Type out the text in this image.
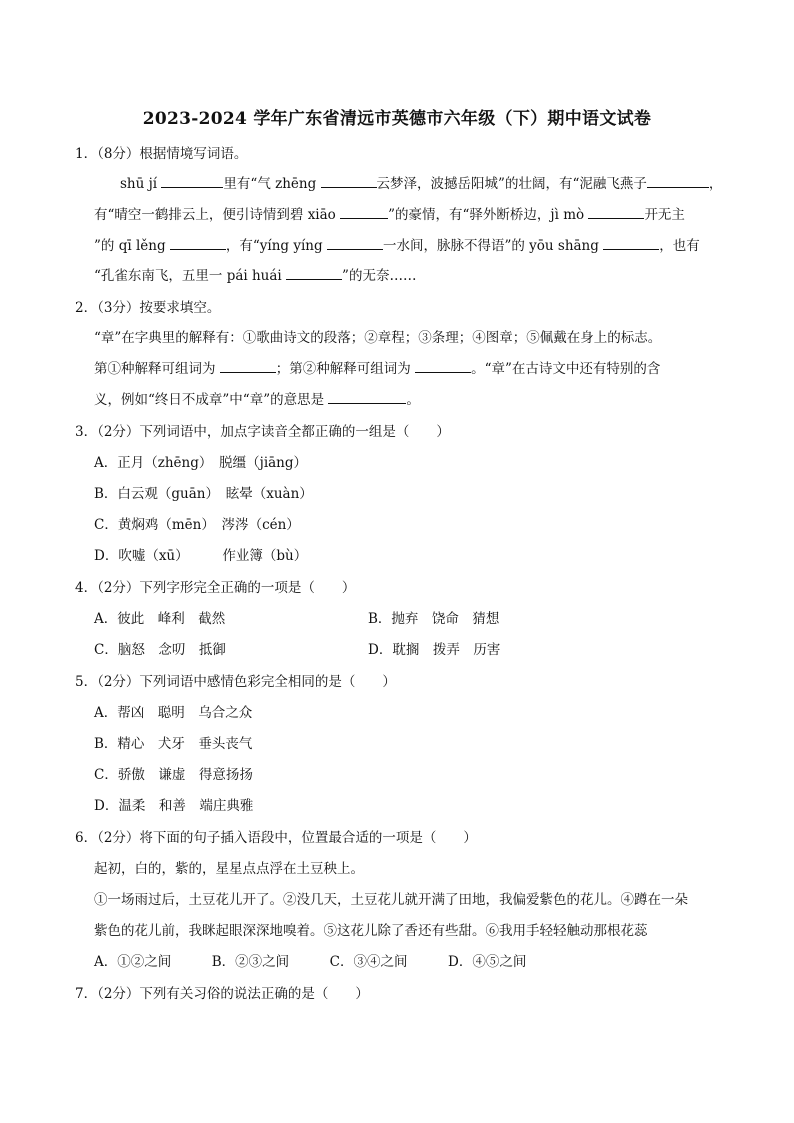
2023-2024 学年广东省清远市英德市六年级（下）期中语文试卷
1．（8分）根据情境写词语。
shū jí	里有“气 zhēng	云梦泽，波撼岳阳城”的壮阔，有“泥融飞燕子	，
有“晴空一鹤排云上，便引诗情到碧 xiāo	”的豪情，有“驿外断桥边，jì mò	开无主
”的 qī lěng	，有“yíng yíng	一水间，脉脉不得语”的 yōu shāng	，也有
“孔雀东南飞，五里一 pái huái	”的无奈……
2．（3分）按要求填空。
“章”在字典里的解释有：①歌曲诗文的段落；②章程；③条理；④图章；⑤佩戴在身上的标志。
第①种解释可组词为	；第②种解释可组词为	。“章”在古诗文中还有特别的含
义，例如“终日不成章”中“章”的意思是	。
3．（2分）下列词语中，加点字读音全都正确的一组是（　　）
A．正月（zhēng）　脱缰（jiāng）
B．白云观（guān）　眩晕（xuàn）
C．黄焖鸡（mēn）　涔涔（cén）
D．吹嘘（xū）　　　作业簿（bù）
4．（2分）下列字形完全正确的一项是（　　）
A．彼此　峰利　截然	B．抛弃　饶命　猜想
C．脑怒　念叨　抵御	D．耽搁　拨弄　历害
5．（2分）下列词语中感情色彩完全相同的是（　　）
A．帮凶　聪明　乌合之众
B．精心　犬牙　垂头丧气
C．骄傲　谦虚　得意扬扬
D．温柔　和善　端庄典雅
6．（2分）将下面的句子插入语段中，位置最合适的一项是（　　）
起初，白的，紫的，星星点点浮在土豆秧上。
①一场雨过后，土豆花儿开了。②没几天，土豆花儿就开满了田地，我偏爱紫色的花儿。④蹲在一朵
紫色的花儿前，我眯起眼深深地嗅着。⑤这花儿除了香还有些甜。⑥我用手轻轻触动那根花蕊
A．①②之间　　　B．②③之间　　　C．③④之间　　　D．④⑤之间
7．（2分）下列有关习俗的说法正确的是（　　）
